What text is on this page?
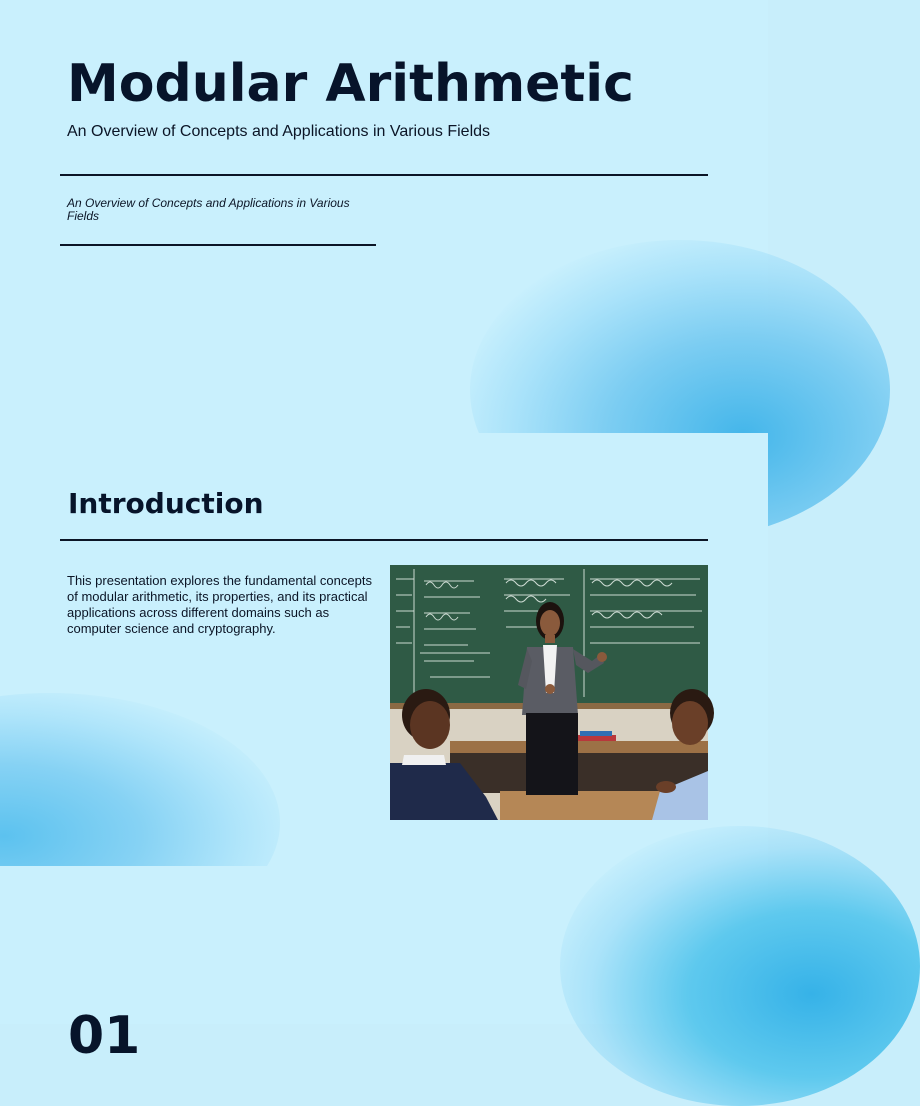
Modular Arithmetic

An Overview of Concepts and Applications in Various Fields

An Overview of Concepts and Applications in Various Fields

Introduction

This presentation explores the fundamental concepts of modular arithmetic, its properties, and its practical applications across different domains such as computer science and cryptography.

01
